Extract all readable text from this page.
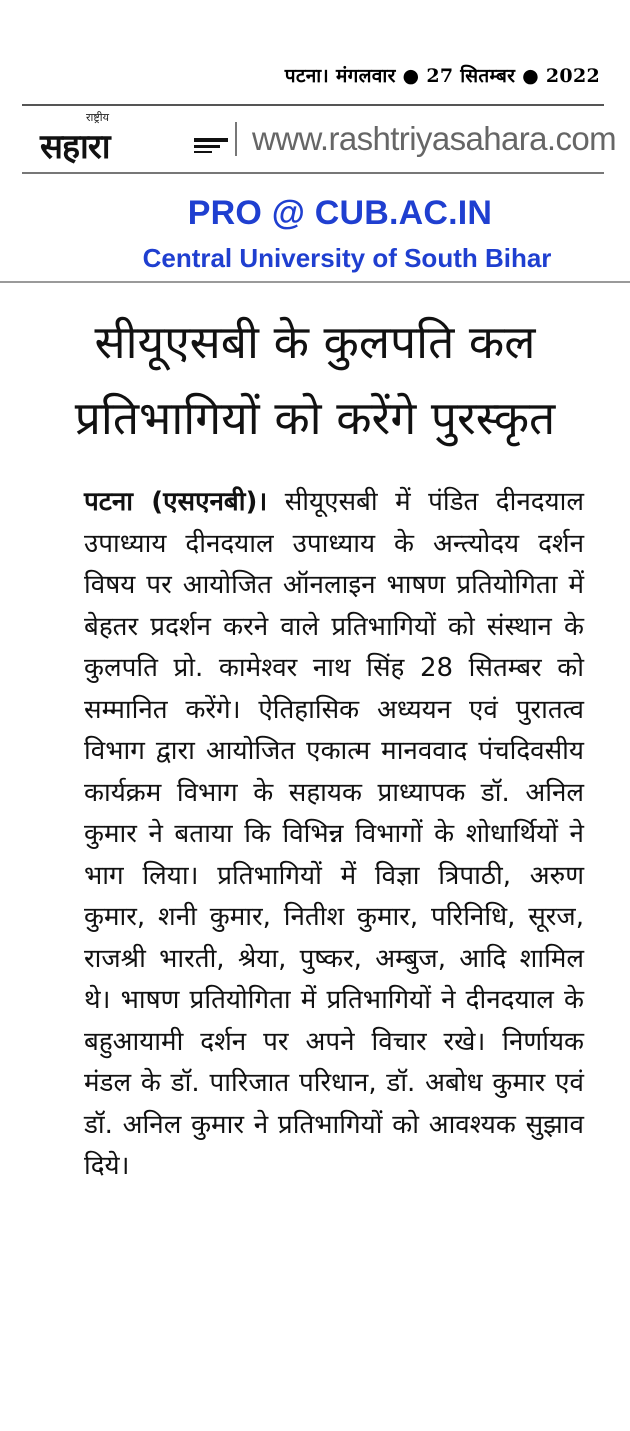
पटना। मंगलवार ● 27 सितम्बर ● 2022
राष्ट्रीय
सहारा	www.rashtriyasahara.com
PRO @ CUB.AC.IN
Central University of South Bihar
सीयूएसबी के कुलपति कल प्रतिभागियों को करेंगे पुरस्कृत
पटना (एसएनबी)। सीयूएसबी में पंडित दीनदयाल उपाध्याय दीनदयाल उपाध्याय के अन्त्योदय दर्शन विषय पर आयोजित ऑनलाइन भाषण प्रतियोगिता में बेहतर प्रदर्शन करने वाले प्रतिभागियों को संस्थान के कुलपति प्रो. कामेश्वर नाथ सिंह 28 सितम्बर को सम्मानित करेंगे। ऐतिहासिक अध्ययन एवं पुरातत्व विभाग द्वारा आयोजित एकात्म मानववाद पंचदिवसीय कार्यक्रम विभाग के सहायक प्राध्यापक डॉ. अनिल कुमार ने बताया कि विभिन्न विभागों के शोधार्थियों ने भाग लिया। प्रतिभागियों में विज्ञा त्रिपाठी, अरुण कुमार, शनी कुमार, नितीश कुमार, परिनिधि, सूरज, राजश्री भारती, श्रेया, पुष्कर, अम्बुज, आदि शामिल थे। भाषण प्रतियोगिता में प्रतिभागियों ने दीनदयाल के बहुआयामी दर्शन पर अपने विचार रखे। निर्णायक मंडल के डॉ. पारिजात परिधान, डॉ. अबोध कुमार एवं डॉ. अनिल कुमार ने प्रतिभागियों को आवश्यक सुझाव दिये।
